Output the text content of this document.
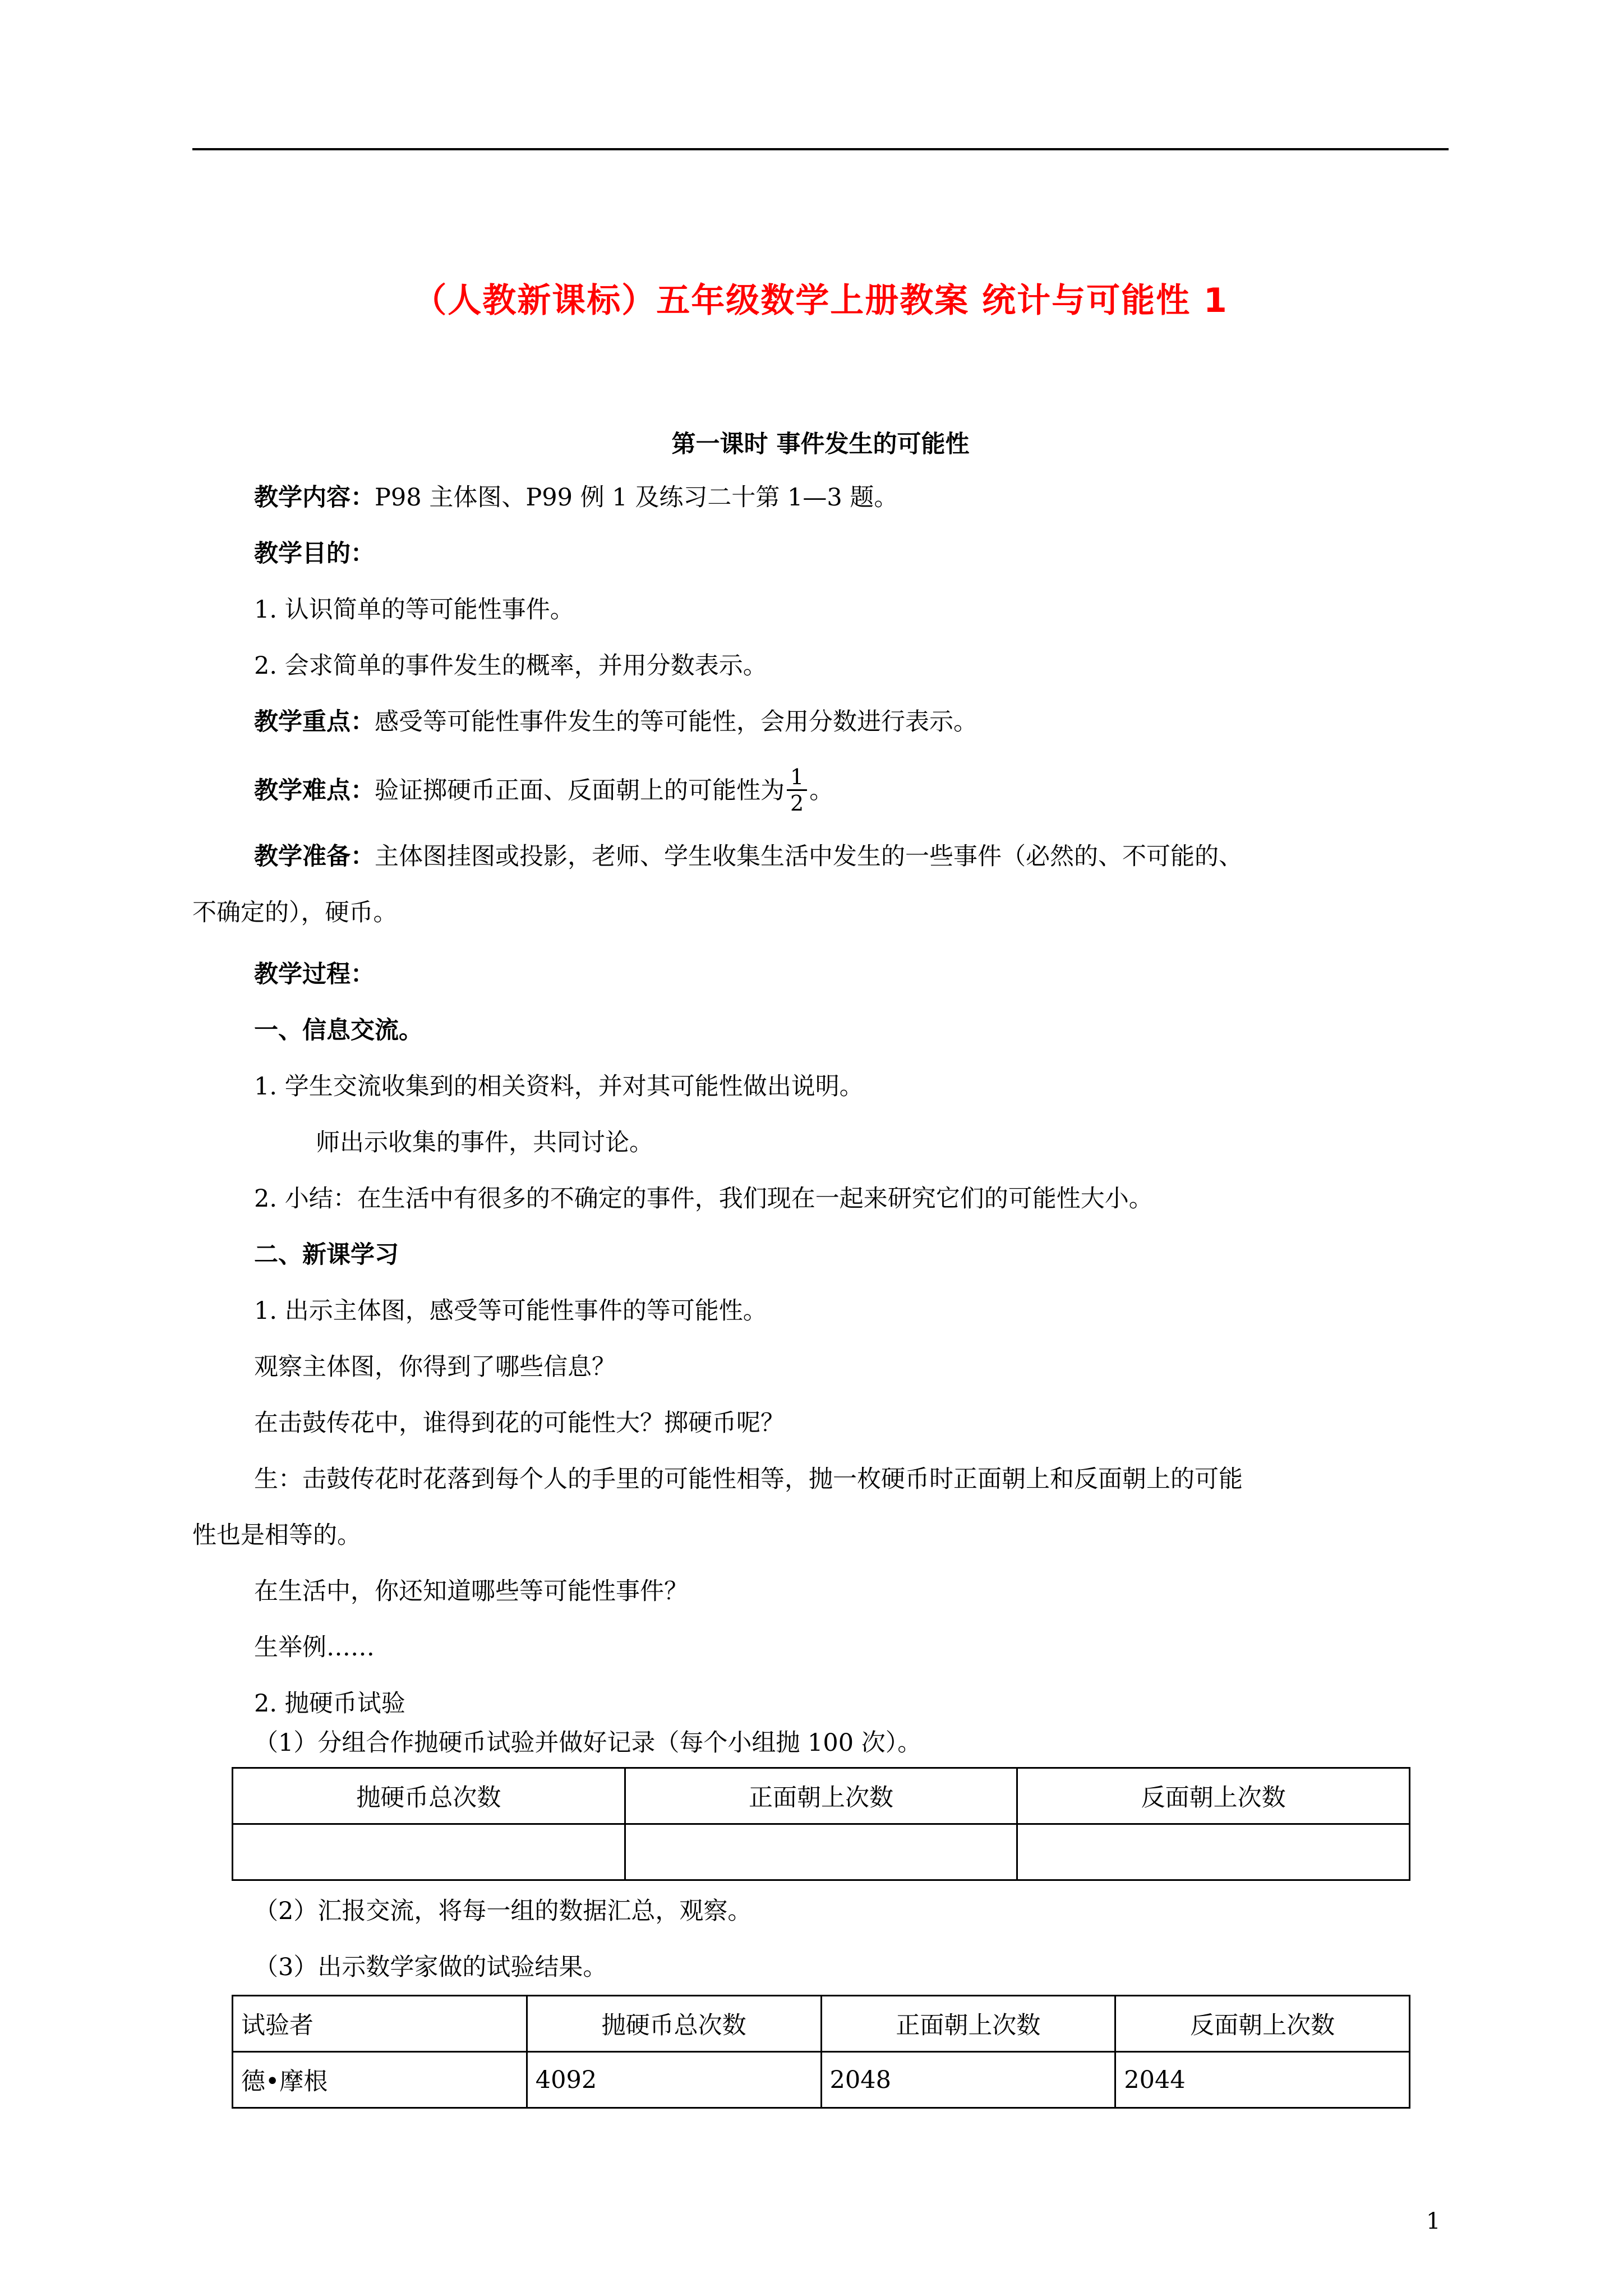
（人教新课标）五年级数学上册教案 统计与可能性 1
第一课时 事件发生的可能性
教学内容：P98 主体图、P99 例 1 及练习二十第 1—3 题。
教学目的：
1. 认识简单的等可能性事件。
2. 会求简单的事件发生的概率，并用分数表示。
教学重点：感受等可能性事件发生的等可能性，会用分数进行表示。
教学难点：验证掷硬币正面、反面朝上的可能性为 $\frac{1}{2}$ 。
教学准备：主体图挂图或投影，老师、学生收集生活中发生的一些事件（必然的、不可能的、
不确定的），硬币。
教学过程：
一、信息交流。
1. 学生交流收集到的相关资料，并对其可能性做出说明。
师出示收集的事件，共同讨论。
2. 小结：在生活中有很多的不确定的事件，我们现在一起来研究它们的可能性大小。
二、新课学习
1. 出示主体图，感受等可能性事件的等可能性。
观察主体图，你得到了哪些信息？
在击鼓传花中，谁得到花的可能性大？掷硬币呢？
生：击鼓传花时花落到每个人的手里的可能性相等，抛一枚硬币时正面朝上和反面朝上的可能
性也是相等的。
在生活中，你还知道哪些等可能性事件？
生举例……
2. 抛硬币试验
（1）分组合作抛硬币试验并做好记录（每个小组抛 100 次）。
抛硬币总次数	正面朝上次数	反面朝上次数

（2）汇报交流，将每一组的数据汇总，观察。
（3）出示数学家做的试验结果。
试验者	抛硬币总次数	正面朝上次数	反面朝上次数
德•摩根	4092	2048	2044
1
